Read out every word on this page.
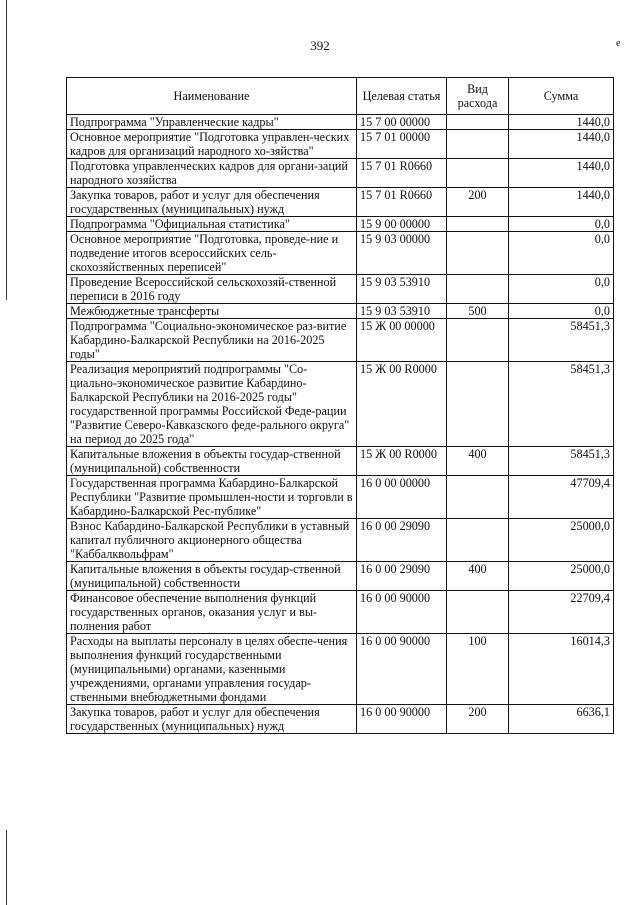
392	е
Наименование	Целевая статья	Вид расхода	Сумма
Подпрограмма "Управленческие кадры"	15 7 00 00000		1440,0
Основное мероприятие "Подготовка управлен-ческих кадров для организаций народного хо-зяйства"	15 7 01 00000		1440,0
Подготовка управленческих кадров для органи-заций народного хозяйства	15 7 01 R0660		1440,0
Закупка товаров, работ и услуг для обеспечения государственных (муниципальных) нужд	15 7 01 R0660	200	1440,0
Подпрограмма "Официальная статистика"	15 9 00 00000		0,0
Основное мероприятие "Подготовка, проведе-ние и подведение итогов всероссийских сель-скохозяйственных переписей"	15 9 03 00000		0,0
Проведение Всероссийской сельскохозяй-ственной переписи в 2016 году	15 9 03 53910		0,0
Межбюджетные трансферты	15 9 03 53910	500	0,0
Подпрограмма "Социально-экономическое раз-витие Кабардино-Балкарской Республики на 2016-2025 годы"	15 Ж 00 00000		58451,3
Реализация мероприятий подпрограммы "Со-циально-экономическое развитие Кабардино-Балкарской Республики на 2016-2025 годы" государственной программы Российской Феде-рации "Развитие Северо-Кавказского феде-рального округа" на период до 2025 года"	15 Ж 00 R0000		58451,3
Капитальные вложения в объекты государ-ственной (муниципальной) собственности	15 Ж 00 R0000	400	58451,3
Государственная программа Кабардино-Балкарской Республики "Развитие промышлен-ности и торговли в Кабардино-Балкарской Рес-публике"	16 0 00 00000		47709,4
Взнос Кабардино-Балкарской Республики в уставный капитал публичного акционерного общества "Каббалквольфрам"	16 0 00 29090		25000,0
Капитальные вложения в объекты государ-ственной (муниципальной) собственности	16 0 00 29090	400	25000,0
Финансовое обеспечение выполнения функций государственных органов, оказания услуг и вы-полнения работ	16 0 00 90000		22709,4
Расходы на выплаты персоналу в целях обеспе-чения выполнения функций государственными (муниципальными) органами, казенными учреждениями, органами управления государ-ственными внебюджетными фондами	16 0 00 90000	100	16014,3
Закупка товаров, работ и услуг для обеспечения государственных (муниципальных) нужд	16 0 00 90000	200	6636,1
